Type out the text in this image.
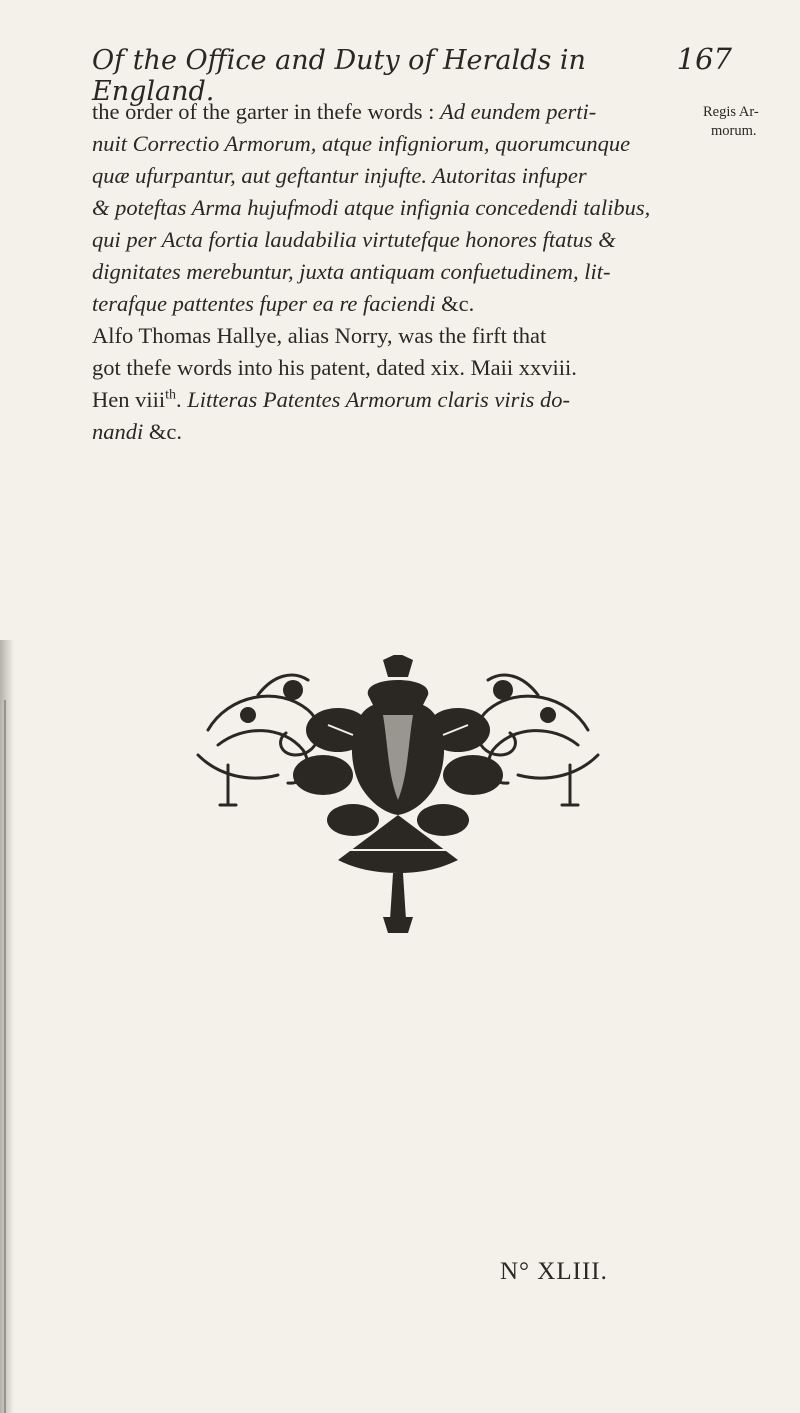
Of the Office and Duty of Heralds in England.
167
Regis Ar-
morum.

the order of the garter in thefe words : Ad eundem perti-
nuit Correctio Armorum, atque infigniorum, quorumcunque
quæ ufurpantur, aut geftantur injufte. Autoritas infuper
& poteftas Arma hujufmodi atque infignia concedendi talibus,
qui per Acta fortia laudabilia virtutefque honores ftatus &
dignitates merebuntur, juxta antiquam confuetudinem, lit-
terafque pattentes fuper ea re faciendi &c.

Alfo Thomas Hallye, alias Norry, was the firft that
got thefe words into his patent, dated xix. Maii xxviii.
Hen viii$^{th}$. Litteras Patentes Armorum claris viris do-
nandi &c.

N° XLIII.
